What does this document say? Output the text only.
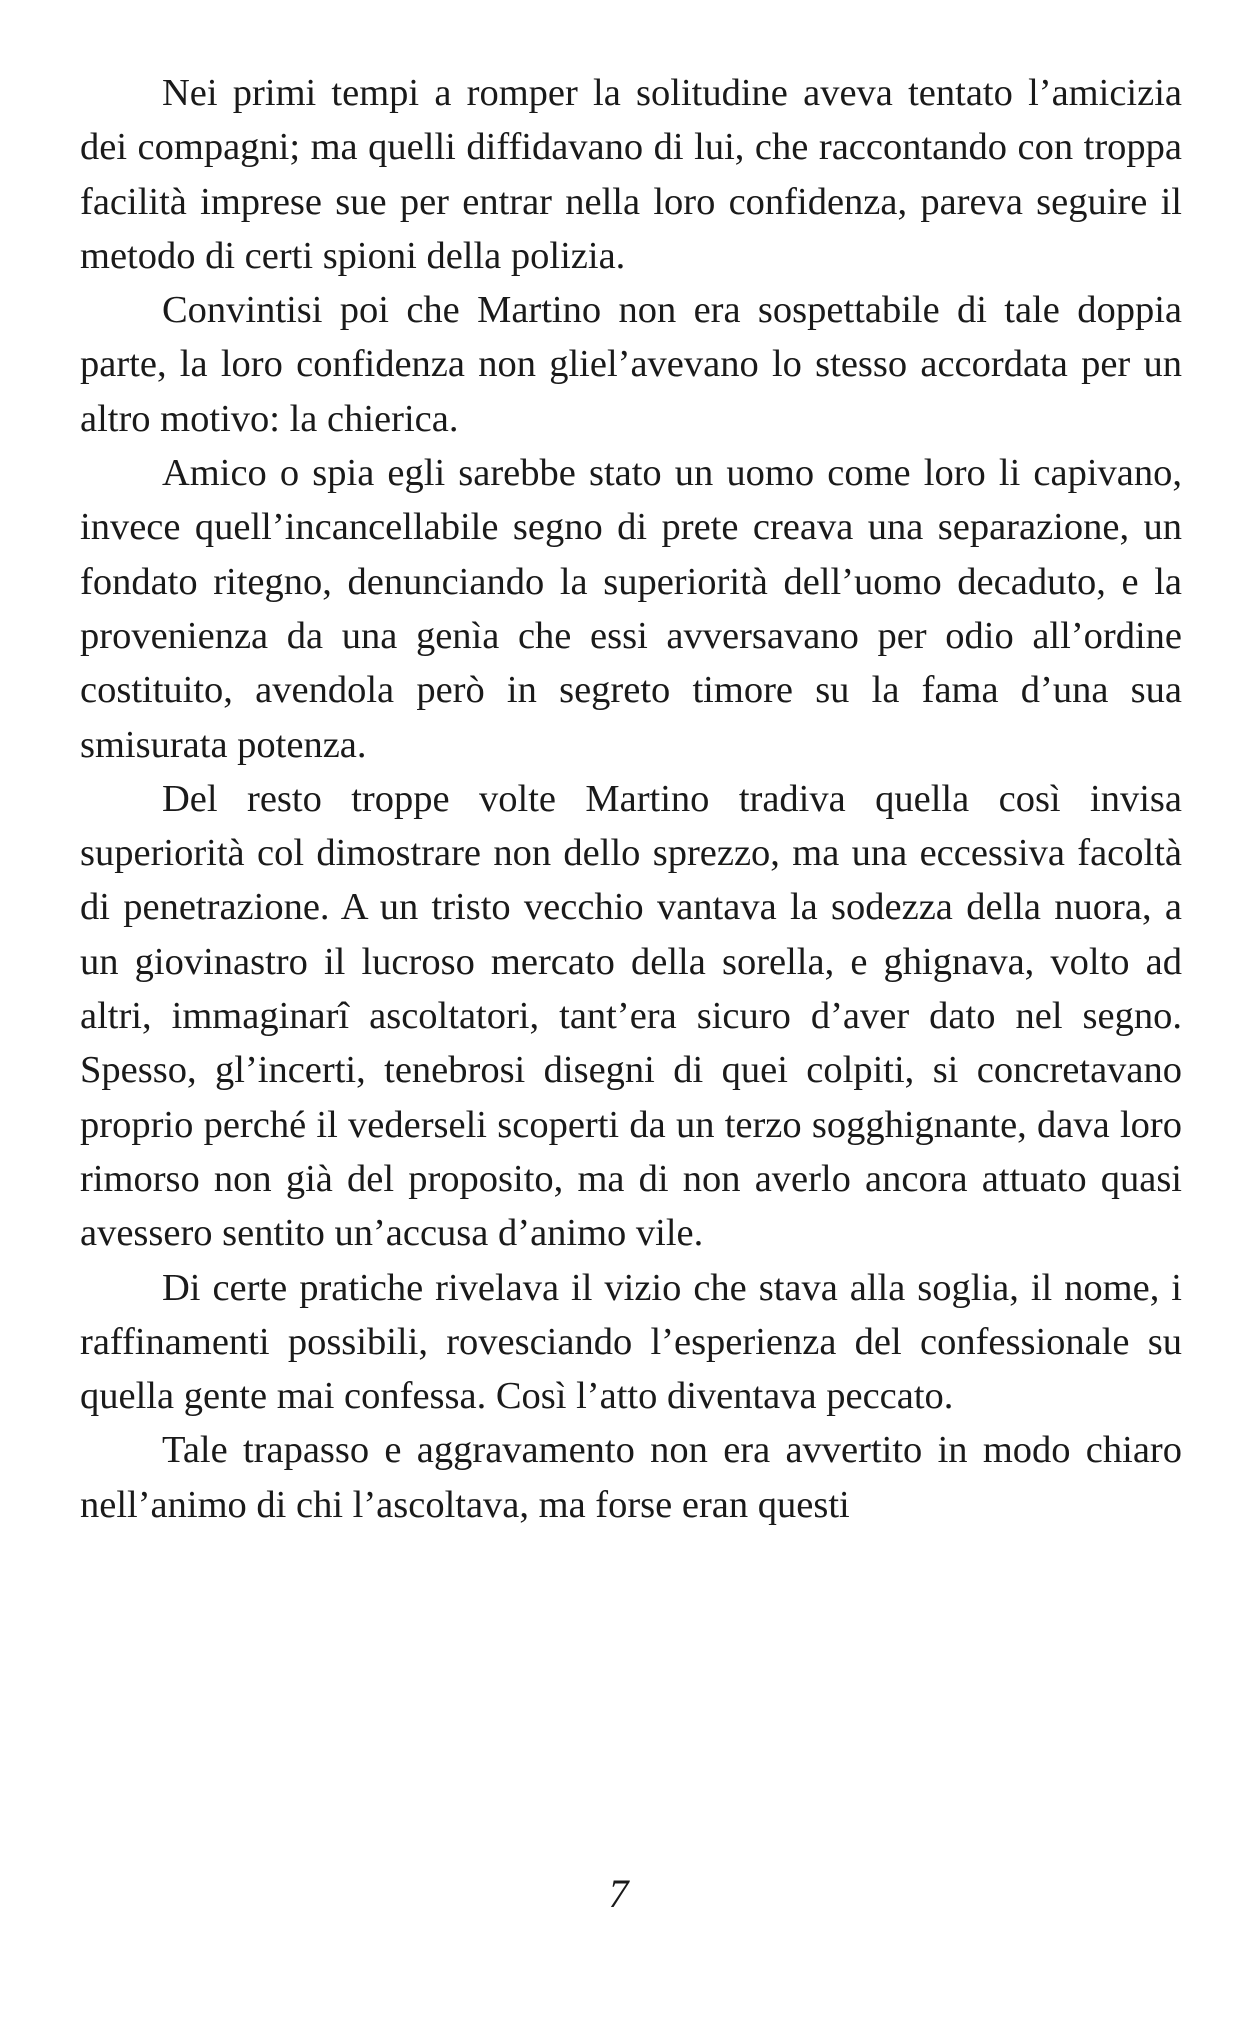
Nei primi tempi a romper la solitudine aveva tentato l’amicizia dei compagni; ma quelli diffidavano di lui, che raccontando con troppa facilità imprese sue per entrar nella loro confidenza, pareva seguire il metodo di certi spioni della polizia.

Convintisi poi che Martino non era sospettabile di tale doppia parte, la loro confidenza non gliel’avevano lo stesso accordata per un altro motivo: la chierica.

Amico o spia egli sarebbe stato un uomo come loro li capivano, invece quell’incancellabile segno di prete creava una separazione, un fondato ritegno, denunciando la superiorità dell’uomo decaduto, e la provenienza da una genìa che essi avversavano per odio all’ordine costituito, avendola però in segreto timore su la fama d’una sua smisurata potenza.

Del resto troppe volte Martino tradiva quella così invisa superiorità col dimostrare non dello sprezzo, ma una eccessiva facoltà di penetrazione. A un tristo vecchio vantava la sodezza della nuora, a un giovinastro il lucroso mercato della sorella, e ghignava, volto ad altri, immaginarî ascoltatori, tant’era sicuro d’aver dato nel segno. Spesso, gl’incerti, tenebrosi disegni di quei colpiti, si concretavano proprio perché il vederseli scoperti da un terzo sogghignante, dava loro rimorso non già del proposito, ma di non averlo ancora attuato quasi avessero sentito un’accusa d’animo vile.

Di certe pratiche rivelava il vizio che stava alla soglia, il nome, i raffinamenti possibili, rovesciando l’esperienza del confessionale su quella gente mai confessa. Così l’atto diventava peccato.

Tale trapasso e aggravamento non era avvertito in modo chiaro nell’animo di chi l’ascoltava, ma forse eran questi

7
